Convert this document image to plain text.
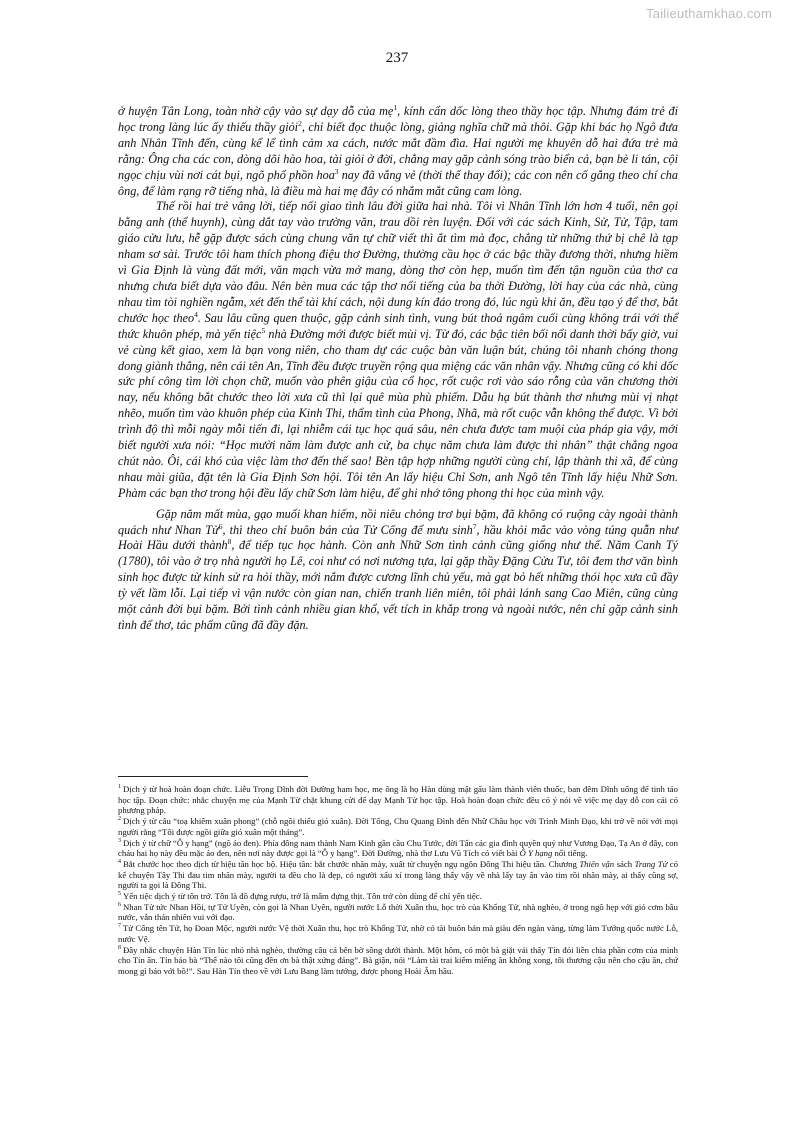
Tailieuthamkhao.com
237

ở huyện Tân Long, toàn nhờ cậy vào sự dạy dỗ của mẹ$^1$, kính cẩn dốc lòng theo thầy học tập. Nhưng đám trẻ đi học trong làng lúc ấy thiếu thầy giỏi$^2$, chỉ biết đọc thuộc lòng, giảng nghĩa chữ mà thôi. Gặp khi bác họ Ngô đưa anh Nhân Tĩnh đến, cùng kể lể tình cảm xa cách, nước mắt đầm đìa. Hai người mẹ khuyên dỗ hai đứa trẻ mà rằng: Ông cha các con, dòng dõi hào hoa, tài giỏi ở đời, chẳng may gặp cảnh sóng trào biển cả, bạn bè li tán, cội ngọc chịu vùi nơi cát bụi, ngõ phố phồn hoa$^3$ nay đã vắng vẻ (thời thế thay đổi); các con nên cố gắng theo chí cha ông, để làm rạng rỡ tiếng nhà, là điều mà hai mẹ đây có nhắm mắt cũng cam lòng.

Thế rồi hai trẻ vâng lời, tiếp nối giao tình lâu đời giữa hai nhà. Tôi vì Nhân Tĩnh lớn hơn 4 tuổi, nên gọi bằng anh (thể huynh), cùng dắt tay vào trường văn, trau dồi rèn luyện. Đối với các sách Kinh, Sử, Tử, Tập, tam giáo cửu lưu, hễ gặp được sách cùng chung văn tự chữ viết thì ắt tìm mà đọc, chẳng từ những thứ bị chê là tạp nham sơ sài. Trước tôi ham thích phong điệu thơ Đường, thường cầu học ở các bậc thầy đương thời, nhưng hiềm vì Gia Định là vùng đất mới, văn mạch vừa mở mang, dòng thơ còn hẹp, muốn tìm đến tận nguồn của thơ ca nhưng chưa biết dựa vào đâu. Nên bèn mua các tập thơ nổi tiếng của ba thời Đường, lời hay của các nhà, cùng nhau tìm tòi nghiền ngẫm, xét đến thể tài khí cách, nội dung kín đáo trong đó, lúc ngủ khi ăn, đều tạo ý để thơ, bắt chước học theo$^4$. Sau lâu cũng quen thuộc, gặp cảnh sinh tình, vung bút thoả ngâm cuối cùng không trái với thể thức khuôn phép, mà yến tiệc$^5$ nhà Đường mới được biết mùi vị. Từ đó, các bậc tiên bối nổi danh thời bấy giờ, vui vẻ cùng kết giao, xem là bạn vong niên, cho tham dự các cuộc bàn văn luận bút, chúng tôi nhanh chóng thong dong giành thắng, nên cái tên An, Tĩnh đều được truyền rộng qua miệng các văn nhân vậy. Nhưng cũng có khi dốc sức phí công tìm lời chọn chữ, muốn vào phên giậu của cổ học, rốt cuộc rơi vào sáo rỗng của văn chương thời nay, nếu không bắt chước theo lời xưa cũ thì lại quê mùa phù phiếm. Dẫu hạ bút thành thơ nhưng mùi vị nhạt nhẽo, muốn tìm vào khuôn phép của Kinh Thi, thẩm tình của Phong, Nhã, mà rốt cuộc vẫn không thể được. Vì bởi trình độ thì mỗi ngày mỗi tiến đi, lại nhiễm cái tục học quá sâu, nên chưa được tam muội của pháp gia vậy, mới biết người xưa nói: “Học mười năm làm được anh cử, ba chục năm chưa làm được thi nhân” thật chẳng ngoa chút nào. Ôi, cái khó của việc làm thơ đến thế sao! Bèn tập hợp những người cùng chí, lập thành thi xã, để cùng nhau mài giũa, đặt tên là Gia Định Sơn hội. Tôi tên An lấy hiệu Chỉ Sơn, anh Ngô tên Tĩnh lấy hiệu Nhữ Sơn. Phàm các bạn thơ trong hội đều lấy chữ Sơn làm hiệu, để ghi nhớ tông phong thi học của mình vậy.

Gặp năm mất mùa, gạo muối khan hiếm, nồi niêu chỏng trơ bụi bặm, đã không có ruộng cày ngoài thành quách như Nhan Tử$^6$, thì theo chí buôn bán của Tử Cống để mưu $\sinh^7$, hầu khỏi mắc vào vòng túng quẫn như Hoài Hầu dưới thành$^8$, để tiếp tục học hành. Còn anh Nhữ Sơn tình cảnh cũng giống như thế. Năm Canh Tý (1780), tôi vào ở trọ nhà người họ Lê, coi như có nơi nương tựa, lại gặp thầy Đặng Cửu Tư, tôi đem thơ văn bình sinh học được từ kinh sử ra hỏi thầy, mới nắm được cương lĩnh chủ yếu, mà gạt bỏ hết những thói học xưa cũ đầy tỳ vết lầm lỗi. Lại tiếp vì vận nước còn gian nan, chiến tranh liên miên, tôi phải lánh sang Cao Miên, cũng cùng một cảnh đời bụi bặm. Bởi tình cảnh nhiều gian khổ, vết tích in khắp trong và ngoài nước, nên chỉ gặp cảnh sinh tình để thơ, tác phẩm cũng đã đầy đặn.

$^1$ Dịch ý từ hoà hoàn đoạn chức. Liễu Trọng Dĩnh đời Đường ham học, mẹ ông là họ Hàn dùng mật gấu làm thành viên thuốc, ban đêm Dĩnh uống để tinh táo học tập. Đoạn chức: nhắc chuyện mẹ của Mạnh Tử chặt khung cửi để dạy Mạnh Tử học tập. Hoà hoàn đoạn chức đều có ý nói về việc mẹ dạy dỗ con cái có phương pháp.

$^2$ Dịch ý từ câu “toạ khiếm xuân phong” (chỗ ngồi thiếu gió xuân). Đời Tống, Chu Quang Đình đến Nhữ Châu học với Trình Minh Đạo, khi trở về nói với mọi người rằng “Tôi được ngồi giữa gió xuân một tháng”.

$^3$ Dịch ý từ chữ “Ô y hạng” (ngõ áo đen). Phía đông nam thành Nam Kinh gần cầu Chu Tước, đời Tấn các gia đình quyền quý như Vương Đạo, Tạ An ở đây, con cháu hai họ này đều mặc áo đen, nên nơi này được gọi là “Ô y hạng”. Đời Đường, nhà thơ Lưu Vũ Tích có viết bài Ô Y hạng nổi tiếng.

$^4$ Bắt chước học theo dịch từ hiệu tần học bộ. Hiệu tần: bắt chước nhăn mày, xuất từ chuyện ngụ ngôn Đông Thi hiệu tần. Chương Thiên vận sách Trang Tử có kể chuyện Tây Thi đau tim nhăn mày, người ta đều cho là đẹp, có người xấu xí trong làng thấy vậy về nhà lấy tay ấn vào tim rồi nhăn mày, ai thấy cũng sợ, người ta gọi là Đông Thi.

$^5$ Yến tiệc dịch ý từ tôn trở. Tôn là đồ đựng rượu, trở là mâm đựng thịt. Tôn trở còn dùng để chỉ yến tiệc.

$^6$ Nhan Tử tức Nhan Hồi, tự Tử Uyên, còn gọi là Nhan Uyên, người nước Lỗ thời Xuân thu, học trò của Khổng Tử, nhà nghèo, ở trong ngõ hẹp với giỏ cơm bầu nước, vẫn thản nhiên vui với đạo.

$^7$ Tử Cống tên Tứ, họ Đoan Mộc, người nước Vệ thời Xuân thu, học trò Khổng Tử, nhờ có tài buôn bán mà giàu đến ngàn vàng, từng làm Tướng quốc nước Lỗ, nước Vệ.

$^8$ Đây nhắc chuyện Hàn Tín lúc nhỏ nhà nghèo, thường câu cá bên bờ sông dưới thành. Một hôm, có một bà giặt vải thấy Tín đói liền chia phần cơm của mình cho Tín ăn. Tín bảo bà “Thế nào tôi cũng đền ơn bà thật xứng đáng”. Bà giận, nói “Làm tài trai kiếm miếng ăn không xong, tôi thương cậu nên cho cậu ăn, chứ mong gì báo với bồ!”. Sau Hàn Tín theo về với Lưu Bang làm tướng, được phong Hoài Âm hầu.
